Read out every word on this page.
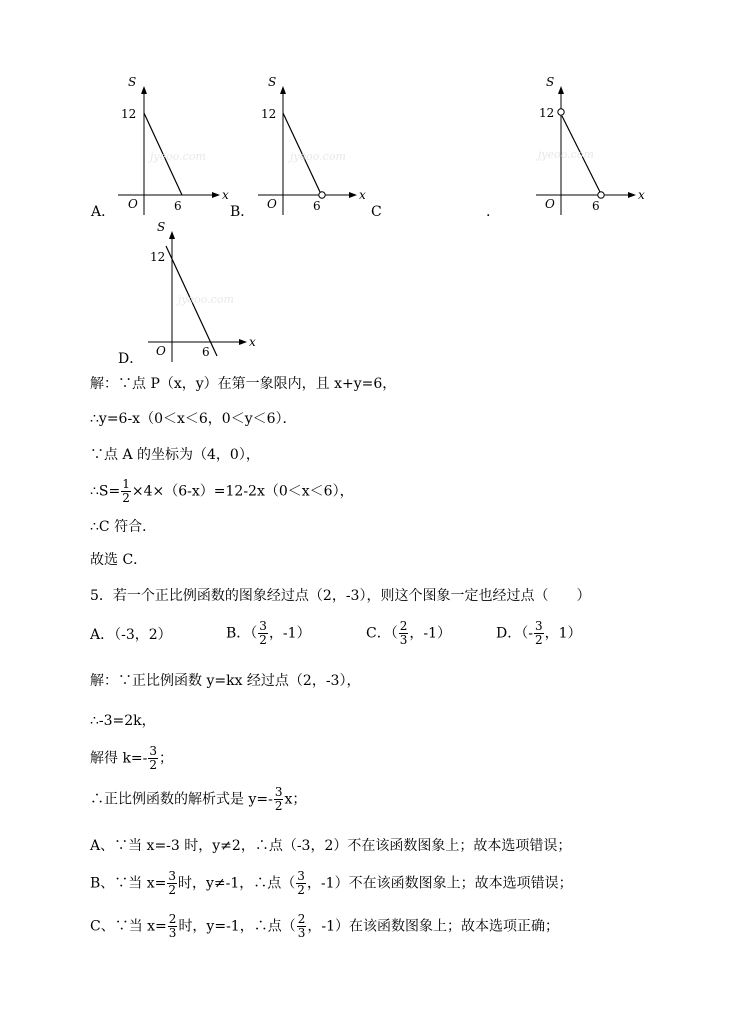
S
x
12
O	6
jyeoo.com
A．
S
x
12
O	6
jyeoo.com
B．	C	.
S
x
12
O	6
jyeoo.com
S
x
12
O	6
jyeoo.com
D．
解：∵点 P（x，y）在第一象限内，且 x+y=6，
∴y=6-x（0＜x＜6，0＜y＜6）．
∵点 A 的坐标为（4，0），
∴S= $\frac{1}{2} \times 4\times(6-x)=12-2x(0<x<6)$，
∴C 符合．
故选 C．
5．若一个正比例函数的图象经过点（2，-3），则这个图象一定也经过点（　　）
A．（-3，2）	B．（ $\frac{3}{2}$ ，-1）	C．（ $\frac{2}{3}$ ，-1）	D．（- $\frac{3}{2}$ ，1）
解：∵正比例函数 y=kx 经过点（2，-3），
∴-3=2k，
解得 $k=- \frac{3}{2}$ ；
∴正比例函数的解析式是 $y=- \frac{3}{2}$ x；
A、∵当 x=-3 时，y≠2，∴点（-3，2）不在该函数图象上；故本选项错误；
B、∵当 $x= \frac{3}{2}$ 时，y≠-1，∴点（ $\frac{3}{2}$ ，-1）不在该函数图象上；故本选项错误；
C、∵当 $x= \frac{2}{3}$ 时，y=-1，∴点（ $\frac{2}{3}$ ，-1）在该函数图象上；故本选项正确；
